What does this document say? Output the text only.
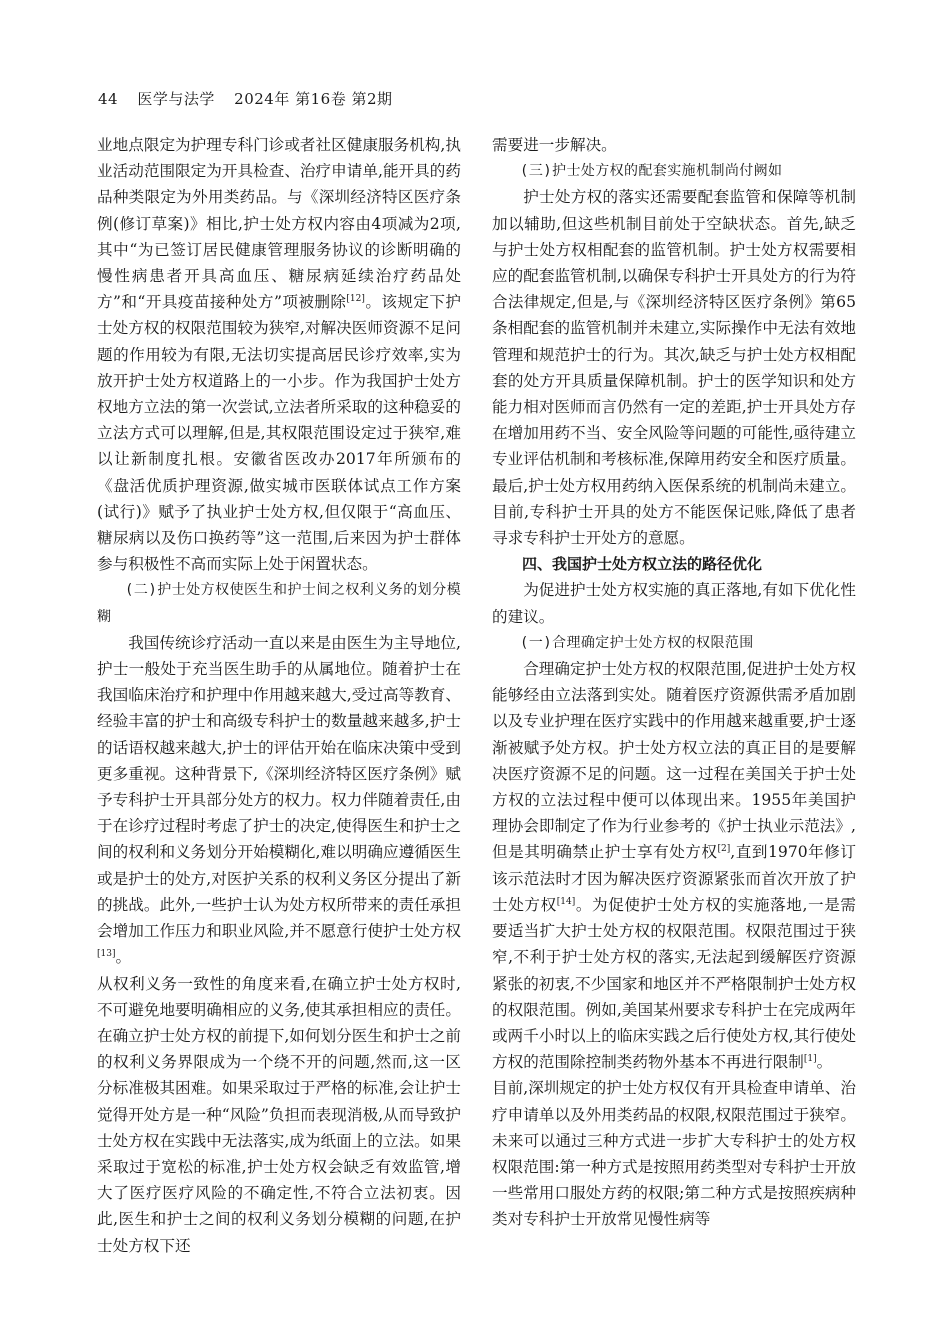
44 医学与法学 2024年 第16卷 第2期

业地点限定为护理专科门诊或者社区健康服务机构,执业活动范围限定为开具检查、治疗申请单,能开具的药品种类限定为外用类药品。与《深圳经济特区医疗条例(修订草案)》相比,护士处方权内容由4项减为2项,其中“为已签订居民健康管理服务协议的诊断明确的慢性病患者开具高血压、糖尿病延续治疗药品处方”和“开具疫苗接种处方”项被删除[12]。该规定下护士处方权的权限范围较为狭窄,对解决医师资源不足问题的作用较为有限,无法切实提高居民诊疗效率,实为放开护士处方权道路上的一小步。作为我国护士处方权地方立法的第一次尝试,立法者所采取的这种稳妥的立法方式可以理解,但是,其权限范围设定过于狭窄,难以让新制度扎根。安徽省医改办2017年所颁布的《盘活优质护理资源,做实城市医联体试点工作方案(试行)》赋予了执业护士处方权,但仅限于“高血压、糖尿病以及伤口换药等”这一范围,后来因为护士群体参与积极性不高而实际上处于闲置状态。

(二)护士处方权使医生和护士间之权利义务的划分模糊

我国传统诊疗活动一直以来是由医生为主导地位,护士一般处于充当医生助手的从属地位。随着护士在我国临床治疗和护理中作用越来越大,受过高等教育、经验丰富的护士和高级专科护士的数量越来越多,护士的话语权越来越大,护士的评估开始在临床决策中受到更多重视。这种背景下,《深圳经济特区医疗条例》赋予专科护士开具部分处方的权力。权力伴随着责任,由于在诊疗过程时考虑了护士的决定,使得医生和护士之间的权利和义务划分开始模糊化,难以明确应遵循医生或是护士的处方,对医护关系的权利义务区分提出了新的挑战。此外,一些护士认为处方权所带来的责任承担会增加工作压力和职业风险,并不愿意行使护士处方权[13]。

从权利义务一致性的角度来看,在确立护士处方权时,不可避免地要明确相应的义务,使其承担相应的责任。在确立护士处方权的前提下,如何划分医生和护士之前的权利义务界限成为一个绕不开的问题,然而,这一区分标准极其困难。如果采取过于严格的标准,会让护士觉得开处方是一种“风险”负担而表现消极,从而导致护士处方权在实践中无法落实,成为纸面上的立法。如果采取过于宽松的标准,护士处方权会缺乏有效监管,增大了医疗医疗风险的不确定性,不符合立法初衷。因此,医生和护士之间的权利义务划分模糊的问题,在护士处方权下还

需要进一步解决。

(三)护士处方权的配套实施机制尚付阙如

护士处方权的落实还需要配套监管和保障等机制加以辅助,但这些机制目前处于空缺状态。首先,缺乏与护士处方权相配套的监管机制。护士处方权需要相应的配套监管机制,以确保专科护士开具处方的行为符合法律规定,但是,与《深圳经济特区医疗条例》第65条相配套的监管机制并未建立,实际操作中无法有效地管理和规范护士的行为。其次,缺乏与护士处方权相配套的处方开具质量保障机制。护士的医学知识和处方能力相对医师而言仍然有一定的差距,护士开具处方存在增加用药不当、安全风险等问题的可能性,亟待建立专业评估机制和考核标准,保障用药安全和医疗质量。最后,护士处方权用药纳入医保系统的机制尚未建立。目前,专科护士开具的处方不能医保记账,降低了患者寻求专科护士开处方的意愿。

四、我国护士处方权立法的路径优化

为促进护士处方权实施的真正落地,有如下优化性的建议。

(一)合理确定护士处方权的权限范围

合理确定护士处方权的权限范围,促进护士处方权能够经由立法落到实处。随着医疗资源供需矛盾加剧以及专业护理在医疗实践中的作用越来越重要,护士逐渐被赋予处方权。护士处方权立法的真正目的是要解决医疗资源不足的问题。这一过程在美国关于护士处方权的立法过程中便可以体现出来。1955年美国护理协会即制定了作为行业参考的《护士执业示范法》,但是其明确禁止护士享有处方权[2],直到1970年修订该示范法时才因为解决医疗资源紧张而首次开放了护士处方权[14]。为促使护士处方权的实施落地,一是需要适当扩大护士处方权的权限范围。权限范围过于狭窄,不利于护士处方权的落实,无法起到缓解医疗资源紧张的初衷,不少国家和地区并不严格限制护士处方权的权限范围。例如,美国某州要求专科护士在完成两年或两千小时以上的临床实践之后行使处方权,其行使处方权的范围除控制类药物外基本不再进行限制[1]。

目前,深圳规定的护士处方权仅有开具检查申请单、治疗申请单以及外用类药品的权限,权限范围过于狭窄。未来可以通过三种方式进一步扩大专科护士的处方权权限范围:第一种方式是按照用药类型对专科护士开放一些常用口服处方药的权限;第二种方式是按照疾病种类对专科护士开放常见慢性病等
